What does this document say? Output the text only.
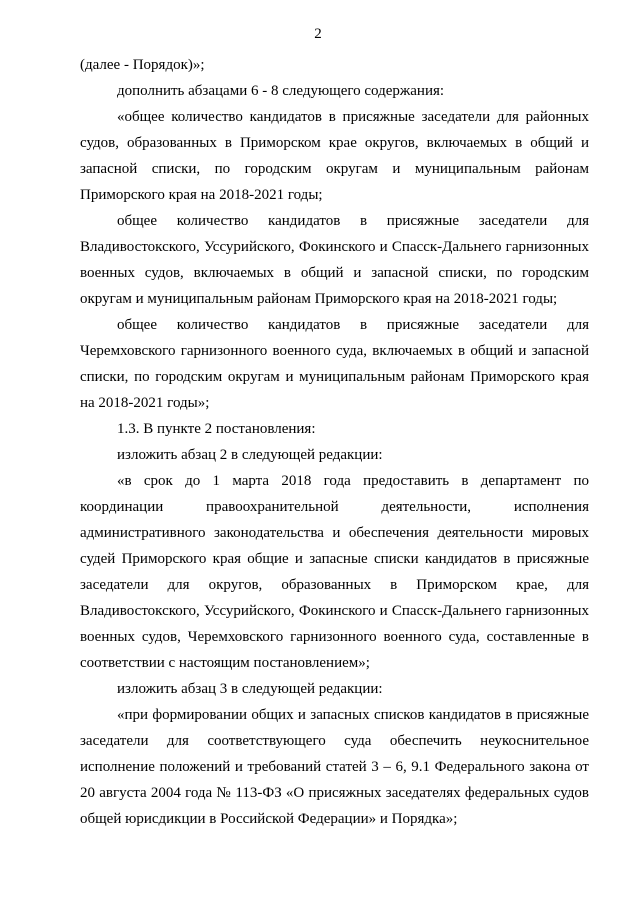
2

(далее - Порядок)»;

дополнить абзацами 6 - 8 следующего содержания:

«общее количество кандидатов в присяжные заседатели для районных судов, образованных в Приморском крае округов, включаемых в общий и запасной списки, по городским округам и муниципальным районам Приморского края на 2018-2021 годы;

общее количество кандидатов в присяжные заседатели для Владивостокского, Уссурийского, Фокинского и Спасск-Дальнего гарнизонных военных судов, включаемых в общий и запасной списки, по городским округам и муниципальным районам Приморского края на 2018-2021 годы;

общее количество кандидатов в присяжные заседатели для Черемховского гарнизонного военного суда, включаемых в общий и запасной списки, по городским округам и муниципальным районам Приморского края на 2018-2021 годы»;

1.3. В пункте 2 постановления:

изложить абзац 2 в следующей редакции:

«в срок до 1 марта 2018 года предоставить в департамент по координации правоохранительной деятельности, исполнения административного законодательства и обеспечения деятельности мировых судей Приморского края общие и запасные списки кандидатов в присяжные заседатели для округов, образованных в Приморском крае, для Владивостокского, Уссурийского, Фокинского и Спасск-Дальнего гарнизонных военных судов, Черемховского гарнизонного военного суда, составленные в соответствии с настоящим постановлением»;

изложить абзац 3 в следующей редакции:

«при формировании общих и запасных списков кандидатов в присяжные заседатели для соответствующего суда обеспечить неукоснительное исполнение положений и требований статей 3 – 6, 9.1 Федерального закона от 20 августа 2004 года № 113-ФЗ «О присяжных заседателях федеральных судов общей юрисдикции в Российской Федерации» и Порядка»;
